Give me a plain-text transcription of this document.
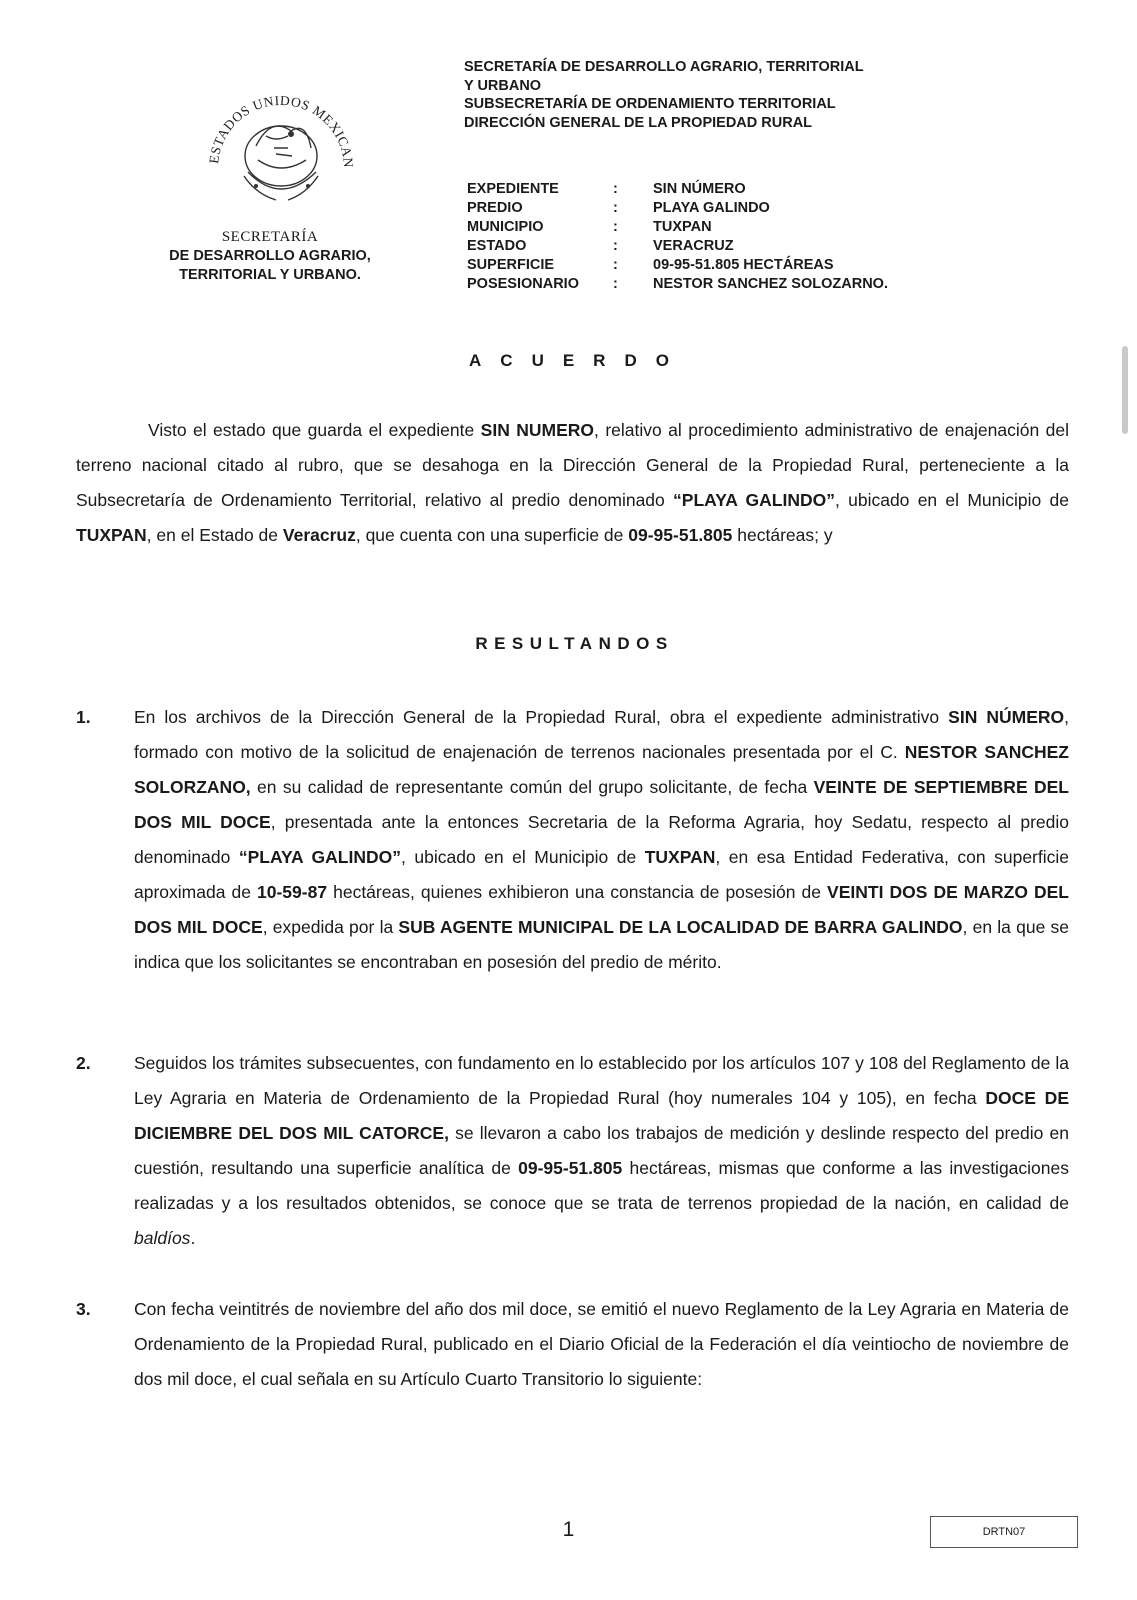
ESTADOS UNIDOS MEXICAN
SECRETARÍA
DE DESARROLLO AGRARIO,
TERRITORIAL Y URBANO.
SECRETARÍA DE DESARROLLO AGRARIO, TERRITORIAL
Y URBANO
SUBSECRETARÍA DE ORDENAMIENTO TERRITORIAL
DIRECCIÓN GENERAL DE LA PROPIEDAD RURAL
EXPEDIENTE	:	SIN NÚMERO
PREDIO	:	PLAYA GALINDO
MUNICIPIO	:	TUXPAN
ESTADO	:	VERACRUZ
SUPERFICIE	:	09-95-51.805 HECTÁREAS
POSESIONARIO	:	NESTOR SANCHEZ SOLOZARNO.
ACUERDO

Visto el estado que guarda el expediente SIN NUMERO, relativo al procedimiento administrativo de enajenación del terreno nacional citado al rubro, que se desahoga en la Dirección General de la Propiedad Rural, perteneciente a la Subsecretaría de Ordenamiento Territorial, relativo al predio denominado “PLAYA GALINDO”, ubicado en el Municipio de TUXPAN, en el Estado de Veracruz, que cuenta con una superficie de 09-95-51.805 hectáreas; y

RESULTANDOS
1. En los archivos de la Dirección General de la Propiedad Rural, obra el expediente administrativo SIN NÚMERO, formado con motivo de la solicitud de enajenación de terrenos nacionales presentada por el C. NESTOR SANCHEZ SOLORZANO, en su calidad de representante común del grupo solicitante, de fecha VEINTE DE SEPTIEMBRE DEL DOS MIL DOCE, presentada ante la entonces Secretaria de la Reforma Agraria, hoy Sedatu, respecto al predio denominado “PLAYA GALINDO”, ubicado en el Municipio de TUXPAN, en esa Entidad Federativa, con superficie aproximada de 10-59-87 hectáreas, quienes exhibieron una constancia de posesión de VEINTI DOS DE MARZO DEL DOS MIL DOCE, expedida por la SUB AGENTE MUNICIPAL DE LA LOCALIDAD DE BARRA GALINDO, en la que se indica que los solicitantes se encontraban en posesión del predio de mérito.

2. Seguidos los trámites subsecuentes, con fundamento en lo establecido por los artículos 107 y 108 del Reglamento de la Ley Agraria en Materia de Ordenamiento de la Propiedad Rural (hoy numerales 104 y 105), en fecha DOCE DE DICIEMBRE DEL DOS MIL CATORCE, se llevaron a cabo los trabajos de medición y deslinde respecto del predio en cuestión, resultando una superficie analítica de 09-95-51.805 hectáreas, mismas que conforme a las investigaciones realizadas y a los resultados obtenidos, se conoce que se trata de terrenos propiedad de la nación, en calidad de baldíos.

3. Con fecha veintitrés de noviembre del año dos mil doce, se emitió el nuevo Reglamento de la Ley Agraria en Materia de Ordenamiento de la Propiedad Rural, publicado en el Diario Oficial de la Federación el día veintiocho de noviembre de dos mil doce, el cual señala en su Artículo Cuarto Transitorio lo siguiente:

1	DRTN07
